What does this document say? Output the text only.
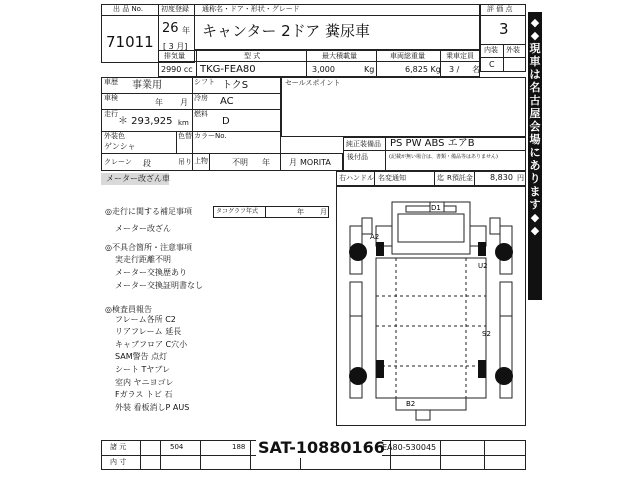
出 品 No.
71011
初度登録
26 年
[ 3 月]
通称名・ドア・形状・グレード
キャンター 2ドア 糞尿車
評 価 点
3
内装 外装
C
排気量	型 式	最大積載量	車両総重量	乗車定員
2990 cc TKG-FEA80	3,000	Kg	6,825 Kg 3 / 名
車歴 事業用	シフト トクS
車検	年 月 冷房 AC
走行
＊ 293,925 km
燃料
D
外装色
ゲンシャ
色替 カラーNo.
クレーン 段	吊り 上物	不明
セールスポイント
年 月 MORITA
純正装備品 PS PW ABS エアB
後付品	(記載が無い場合は、書類・備品等はありません)
メーター改ざん車	右ハンドル 名変通知	迄 R預託金 8,830 円
◎走行に関する補足事項	タコグラフ年式	年 月
メーター改ざん
◎不具合箇所・注意事項
実走行距離不明
メーター交換歴あり
メーター交換証明書なし
◎検査員報告
フレーム各所 C2
リアフレーム 延長
キャブフロア C穴小
SAM警告 点灯
シート Tヤブレ
室内 ヤニヨゴレ
Fガラス トビ 石
外装 看板消しP AUS
D1
A2
U2
S2
B2
◆
◆
現
車
は
名
古
屋
会
場
に
あ
り
ま
す
◆
◆
諸 元	504	188
内 寸
SAT-10880166
EA80-530045
